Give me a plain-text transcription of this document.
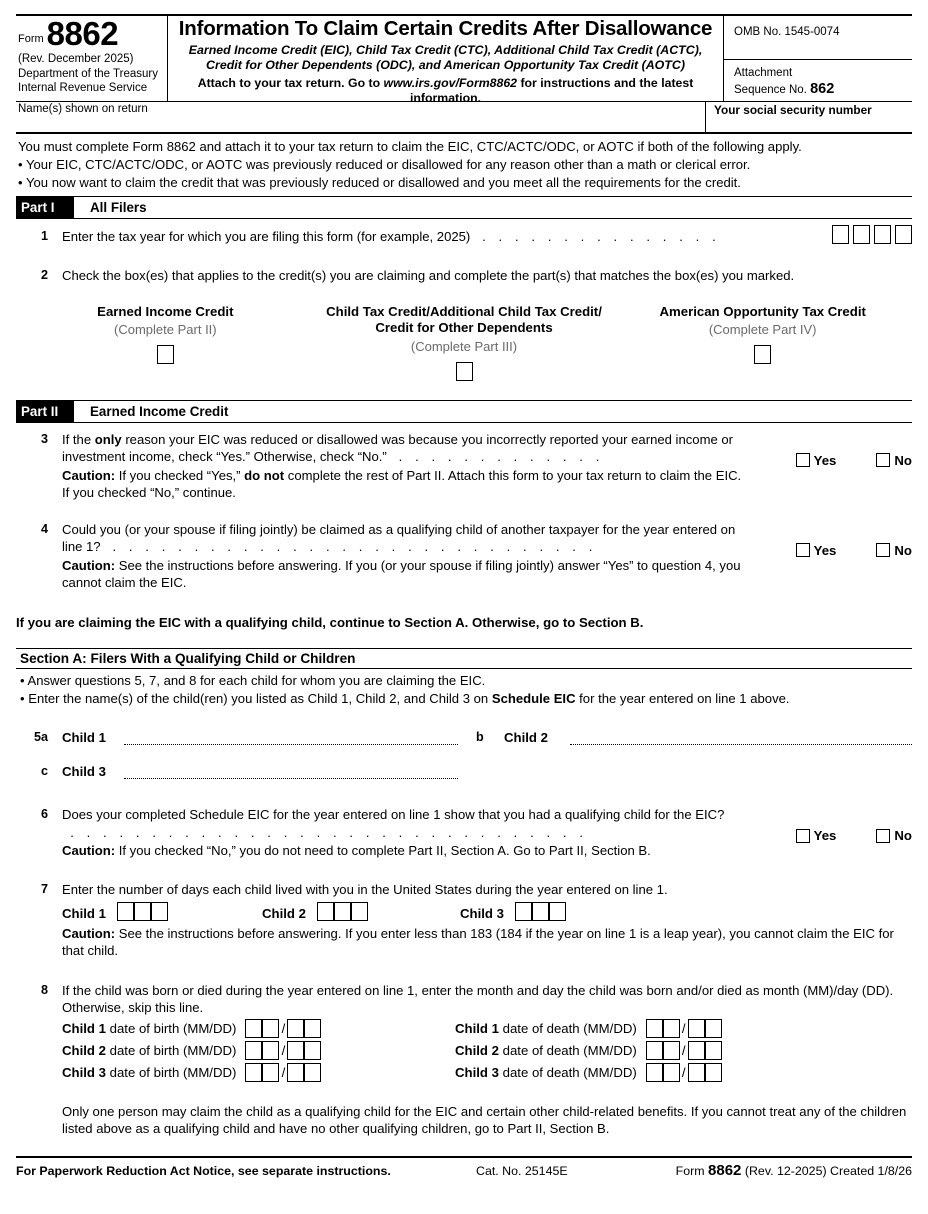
Form 8862
(Rev. December 2025)
Department of the Treasury
Internal Revenue Service
Information To Claim Certain Credits After Disallowance
Earned Income Credit (EIC), Child Tax Credit (CTC), Additional Child Tax Credit (ACTC),
Credit for Other Dependents (ODC), and American Opportunity Tax Credit (AOTC)
Attach to your tax return. Go to www.irs.gov/Form8862 for instructions and the latest information.
OMB No. 1545-0074
Attachment
Sequence No. 862
Name(s) shown on return	Your social security number

You must complete Form 8862 and attach it to your tax return to claim the EIC, CTC/ACTC/ODC, or AOTC if both of the following apply.

• Your EIC, CTC/ACTC/ODC, or AOTC was previously reduced or disallowed for any reason other than a math or clerical error.

• You now want to claim the credit that was previously reduced or disallowed and you meet all the requirements for the credit.

Part I	All Filers
1	Enter the tax year for which you are filing this form (for example, 2025)  . . . . . . . . . . . . . . .
2	Check the box(es) that applies to the credit(s) you are claiming and complete the part(s) that matches the box(es) you marked.
Earned Income Credit
(Complete Part II)
Child Tax Credit/Additional Child Tax Credit/
Credit for Other Dependents
(Complete Part III)
American Opportunity Tax Credit
(Complete Part IV)
Part II	Earned Income Credit
3	If the only reason your EIC was reduced or disallowed was because you incorrectly reported your earned income or investment income, check “Yes.” Otherwise, check “No.”  . . . . . . . . . . . . .
Caution: If you checked “Yes,” do not complete the rest of Part II. Attach this form to your tax return to claim the EIC. If you checked “No,” continue.
Yes	No
4	Could you (or your spouse if filing jointly) be claimed as a qualifying child of another taxpayer for the year entered on line 1?  . . . . . . . . . . . . . . . . . . . . . . . . . . . . . .
Caution: See the instructions before answering. If you (or your spouse if filing jointly) answer “Yes” to question 4, you cannot claim the EIC.
Yes	No
If you are claiming the EIC with a qualifying child, continue to Section A. Otherwise, go to Section B.
Section A: Filers With a Qualifying Child or Children
• Answer questions 5, 7, and 8 for each child for whom you are claiming the EIC.
• Enter the name(s) of the child(ren) you listed as Child 1, Child 2, and Child 3 on Schedule EIC for the year entered on line 1 above.
5a	Child 1	b	Child 2
c	Child 3
6	Does your completed Schedule EIC for the year entered on line 1 show that you had a qualifying child for the EIC?  . . . . . . . . . . . . . . . . . . . . . . . . . . . . . . . .
Caution: If you checked “No,” you do not need to complete Part II, Section A. Go to Part II, Section B.
Yes	No
7	Enter the number of days each child lived with you in the United States during the year entered on line 1.
Child 1	Child 2	Child 3
Caution: See the instructions before answering. If you enter less than 183 (184 if the year on line 1 is a leap year), you cannot claim the EIC for that child.
8	If the child was born or died during the year entered on line 1, enter the month and day the child was born and/or died as month (MM)/day (DD). Otherwise, skip this line.
Child 1 date of birth (MM/DD)	/
Child 2 date of birth (MM/DD)	/
Child 3 date of birth (MM/DD)	/
Child 1 date of death (MM/DD)	/
Child 2 date of death (MM/DD)	/
Child 3 date of death (MM/DD)	/
Only one person may claim the child as a qualifying child for the EIC and certain other child-related benefits. If you cannot treat any of the children listed above as a qualifying child and have no other qualifying children, go to Part II, Section B.
For Paperwork Reduction Act Notice, see separate instructions.	Cat. No. 25145E	Form 8862 (Rev. 12-2025) Created 1/8/26
